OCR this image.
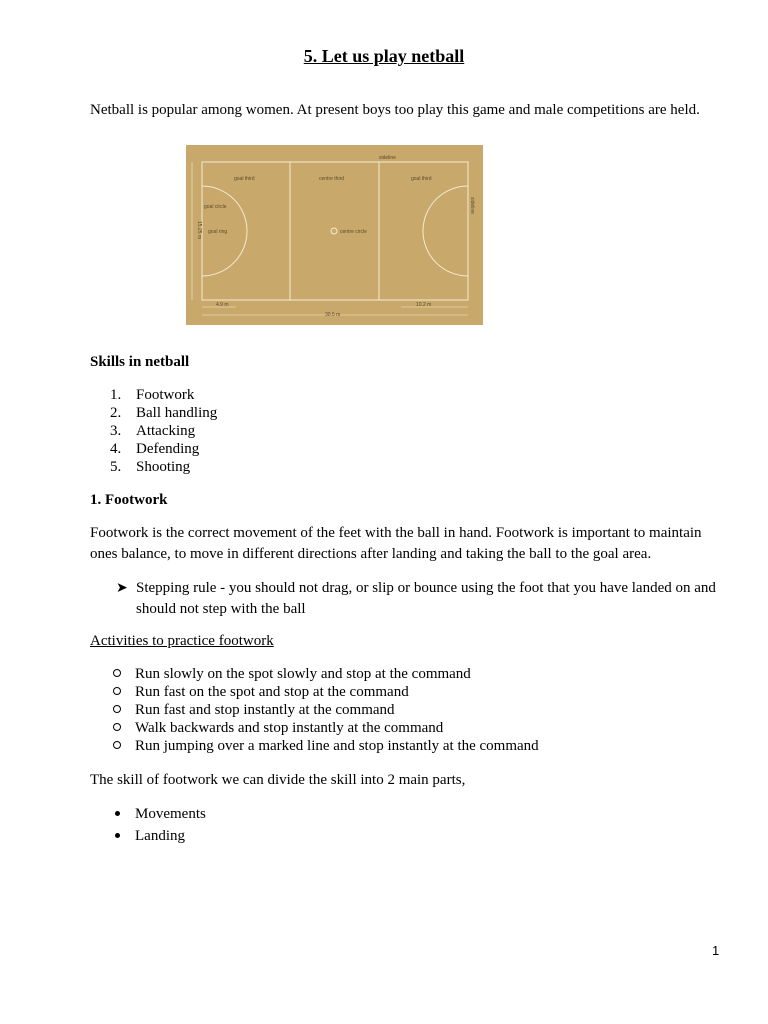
5. Let us play netball

Netball is popular among women. At present boys too play this game and male competitions are held.

sideline
goal third	centre third	goal third
goal circle
goal ring	centre circle
4.9 m	10.2 m
30.5 m
sideline
15.25 m

Skills in netball

1. Footwork
2. Ball handling
3. Attacking
4. Defending
5. Shooting

1. Footwork

Footwork is the correct movement of the feet with the ball in hand. Footwork is important to maintain

ones balance, to move in different directions after landing and taking the ball to the goal area.

➤ Stepping rule - you should not drag, or slip or bounce using the foot that you have landed on and should not step with the ball

Activities to practice footwork

Run slowly on the spot slowly and stop at the command
Run fast on the spot and stop at the command
Run fast and stop instantly at the command
Walk backwards and stop instantly at the command
Run jumping over a marked line and stop instantly at the command

The skill of footwork we can divide the skill into 2 main parts,

Movements
Landing
1
